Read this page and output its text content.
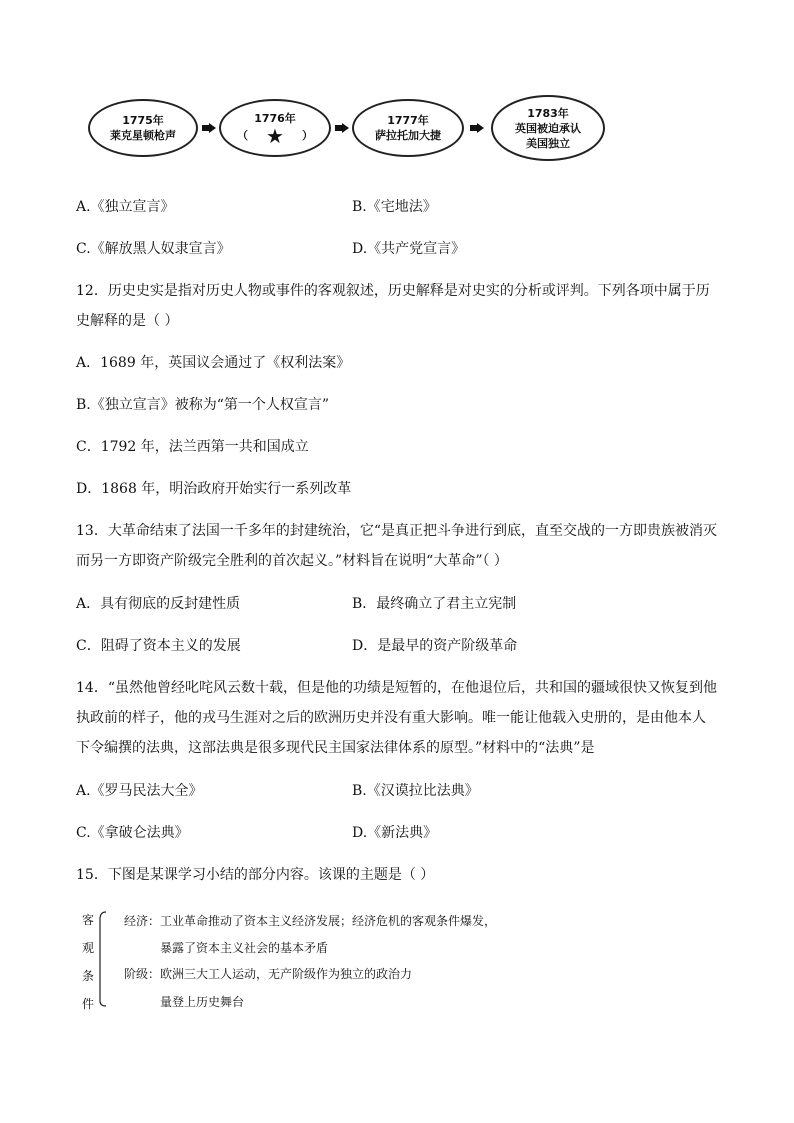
1775年
莱克星顿枪声
1776年
（ ★ ）
1777年
萨拉托加大捷
1783年
英国被迫承认
美国独立
A.《独立宣言》	B.《宅地法》
C.《解放黑人奴隶宣言》	D.《共产党宣言》
12．历史史实是指对历史人物或事件的客观叙述，历史解释是对史实的分析或评判。下列各项中属于历
史解释的是（ ）
A．1689 年，英国议会通过了《权利法案》
B.《独立宣言》被称为“第一个人权宣言”
C．1792 年，法兰西第一共和国成立
D．1868 年，明治政府开始实行一系列改革
13．大革命结束了法国一千多年的封建统治，它“是真正把斗争进行到底，直至交战的一方即贵族被消灭
而另一方即资产阶级完全胜利的首次起义。”材料旨在说明“大革命”（ ）
A．具有彻底的反封建性质	B．最终确立了君主立宪制
C．阻碍了资本主义的发展	D．是最早的资产阶级革命
14．“虽然他曾经叱咤风云数十载，但是他的功绩是短暂的，在他退位后，共和国的疆域很快又恢复到他
执政前的样子，他的戎马生涯对之后的欧洲历史并没有重大影响。唯一能让他载入史册的，是由他本人
下令编撰的法典，这部法典是很多现代民主国家法律体系的原型。”材料中的“法典”是
A.《罗马民法大全》	B.《汉谟拉比法典》
C.《拿破仑法典》	D.《新法典》
15．下图是某课学习小结的部分内容。该课的主题是（ ）
客
观
条
件
经济：工业革命推动了资本主义经济发展；经济危机的客观条件爆发，
暴露了资本主义社会的基本矛盾
阶级：欧洲三大工人运动，无产阶级作为独立的政治力
量登上历史舞台
